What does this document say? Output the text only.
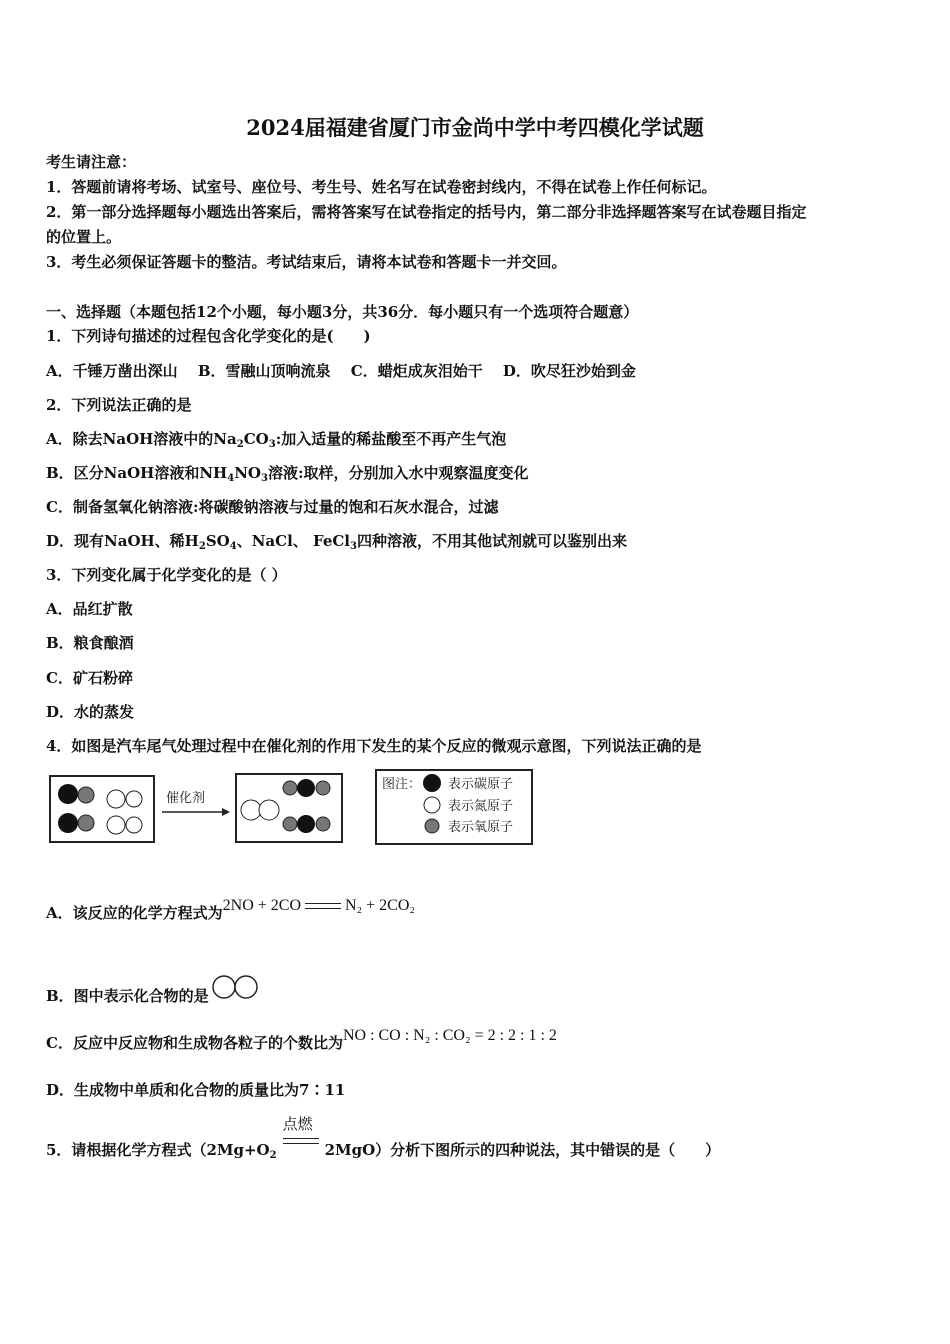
2024届福建省厦门市金尚中学中考四模化学试题
考生请注意：
1．答题前请将考场、试室号、座位号、考生号、姓名写在试卷密封线内，不得在试卷上作任何标记。
2．第一部分选择题每小题选出答案后，需将答案写在试卷指定的括号内，第二部分非选择题答案写在试卷题目指定
的位置上。
3．考生必须保证答题卡的整洁。考试结束后，请将本试卷和答题卡一并交回。
一、选择题（本题包括12个小题，每小题3分，共36分．每小题只有一个选项符合题意）
1．下列诗句描述的过程包含化学变化的是(　　)
A．千锤万凿出深山　 B．雪融山顶响流泉　 C．蜡炬成灰泪始干　 D．吹尽狂沙始到金
2．下列说法正确的是
A．除去NaOH溶液中的$Na_2CO_3$:加入适量的稀盐酸至不再产生气泡
B．区分NaOH溶液和$NH_4NO_3$溶液:取样，分别加入水中观察温度变化
C．制备氢氧化钠溶液:将碳酸钠溶液与过量的饱和石灰水混合，过滤
D．现有NaOH、稀$H_2SO_4$、NaCl、 FeCl$_3$四种溶液，不用其他试剂就可以鉴别出来
3．下列变化属于化学变化的是（ ）
A．品红扩散
B．粮食酿酒
C．矿石粉碎
D．水的蒸发
4．如图是汽车尾气处理过程中在催化剂的作用下发生的某个反应的微观示意图，下列说法正确的是
催化剂
图注： 表示碳原子
表示氮原子
表示氧原子
A．该反应的化学方程式为2NO + 2CO	N₂ + 2CO₂
B．图中表示化合物的是
C．反应中反应物和生成物各粒子的个数比为NO : CO : N₂ : CO₂ = 2 : 2 : 1 : 2
D．生成物中单质和化合物的质量比为7∶11
5．请根据化学方程式（$2Mg+O_2$
点燃
2MgO）分析下图所示的四种说法，其中错误的是（　　）
